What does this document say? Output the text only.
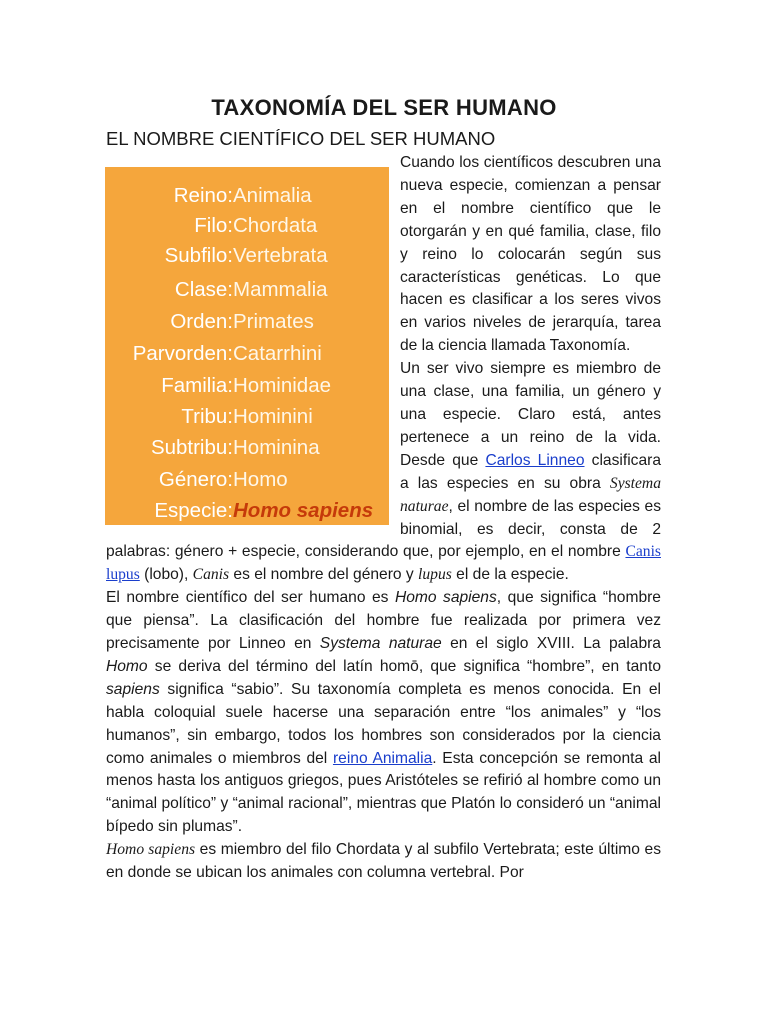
TAXONOMÍA DEL SER HUMANO
EL NOMBRE CIENTÍFICO DEL SER HUMANO
Reino: Animalia
Filo: Chordata
Subfilo: Vertebrata
Clase: Mammalia
Orden: Primates
Parvorden: Catarrhini
Familia: Hominidae
Tribu: Hominini
Subtribu: Hominina
Género: Homo
Especie: Homo sapiens

Cuando los científicos descubren una nueva especie, comienzan a pensar en el nombre científico que le otorgarán y en qué familia, clase, filo y reino lo colocarán según sus características genéticas. Lo que hacen es clasificar a los seres vivos en varios niveles de jerarquía, tarea de la ciencia llamada Taxonomía.

Un ser vivo siempre es miembro de una clase, una familia, un género y una especie. Claro está, antes pertenece a un reino de la vida. Desde que Carlos Linneo clasificara a las especies en su obra Systema naturae, el nombre de las especies es binomial, es decir, consta de 2 palabras: género + especie, considerando que, por ejemplo, en el nombre Canis lupus (lobo), Canis es el nombre del género y lupus el de la especie.

El nombre científico del ser humano es Homo sapiens, que significa “hombre que piensa”. La clasificación del hombre fue realizada por primera vez precisamente por Linneo en Systema naturae en el siglo XVIII. La palabra Homo se deriva del término del latín homō, que significa “hombre”, en tanto sapiens significa “sabio”. Su taxonomía completa es menos conocida. En el habla coloquial suele hacerse una separación entre “los animales” y “los humanos”, sin embargo, todos los hombres son considerados por la ciencia como animales o miembros del reino Animalia. Esta concepción se remonta al menos hasta los antiguos griegos, pues Aristóteles se refirió al hombre como un “animal político” y “animal racional”, mientras que Platón lo consideró un “animal bípedo sin plumas”.

Homo sapiens es miembro del filo Chordata y al subfilo Vertebrata; este último es en donde se ubican los animales con columna vertebral. Por
